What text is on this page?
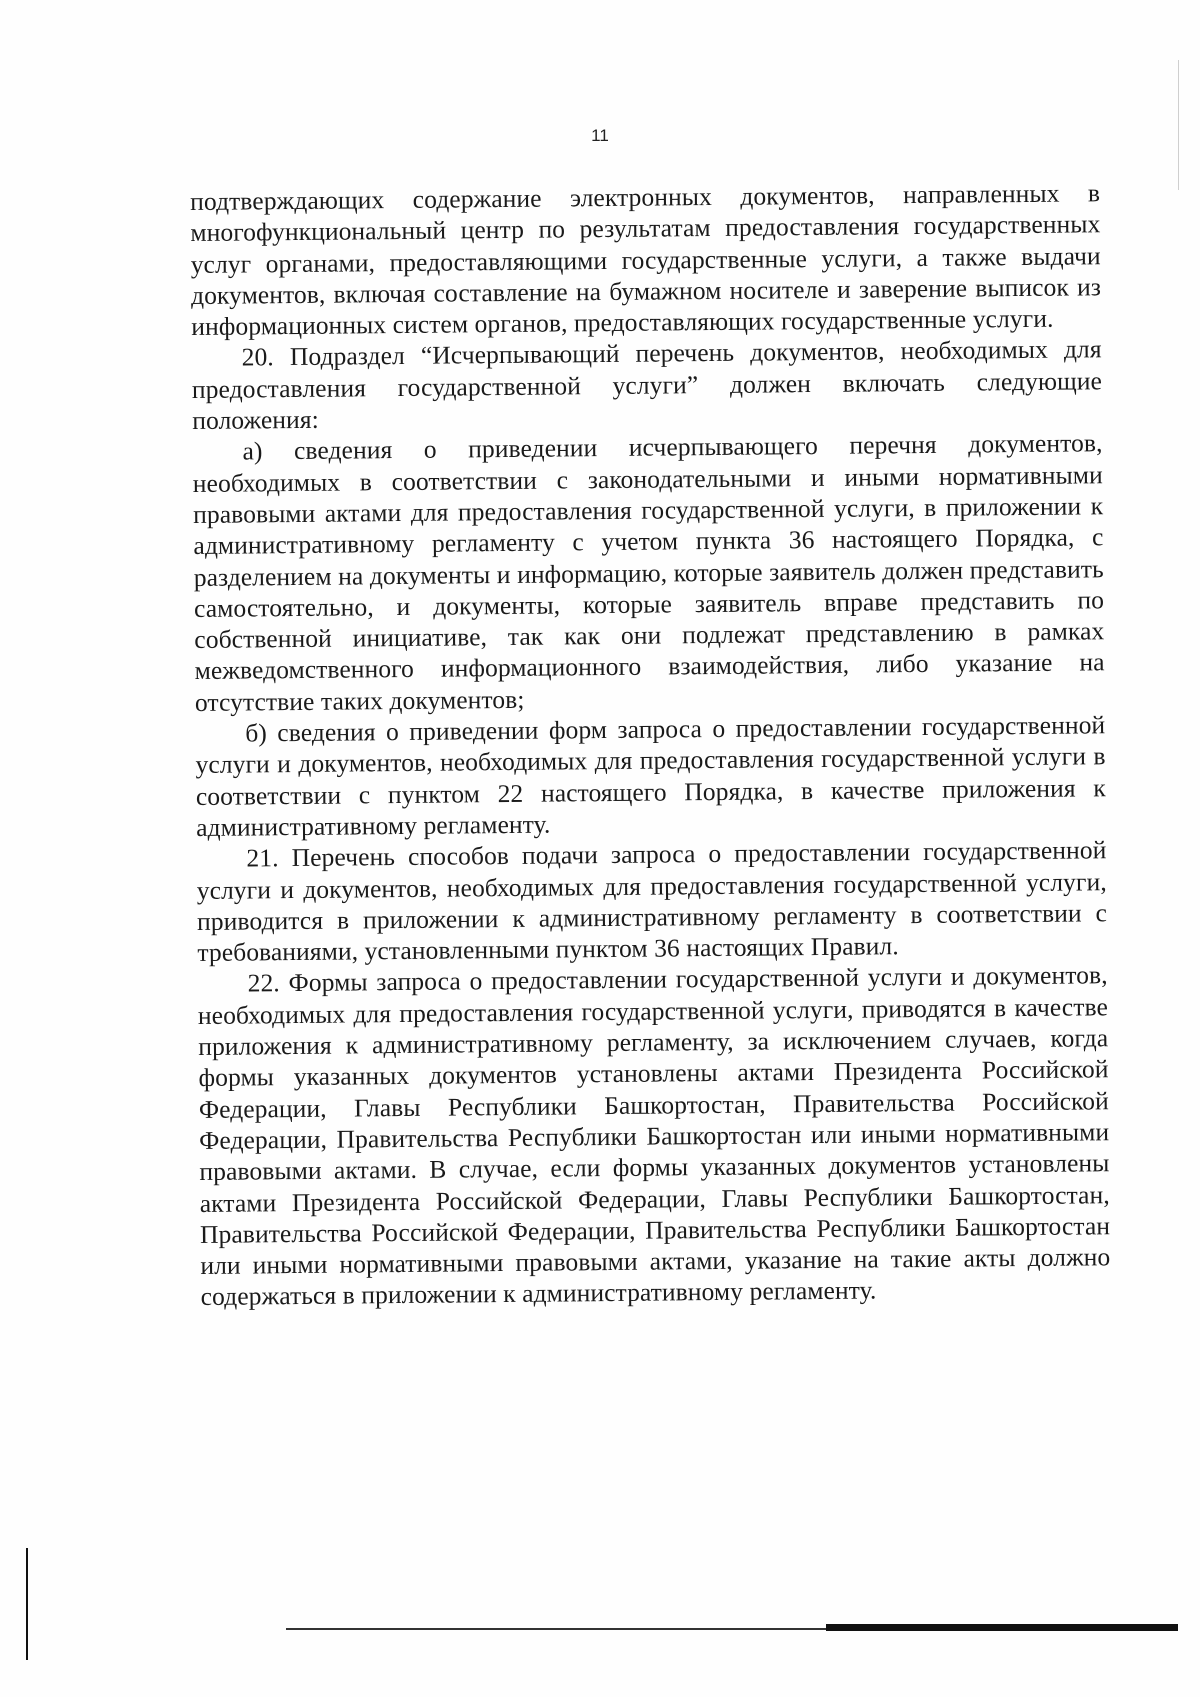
11

подтверждающих содержание электронных документов, направленных в многофункциональный центр по результатам предоставления государственных услуг органами, предоставляющими государственные услуги, а также выдачи документов, включая составление на бумажном носителе и заверение выписок из информационных систем органов, предоставляющих государственные услуги.

20. Подраздел “Исчерпывающий перечень документов, необходимых для предоставления государственной услуги” должен включать следующие положения:

а) сведения о приведении исчерпывающего перечня документов, необходимых в соответствии с законодательными и иными нормативными правовыми актами для предоставления государственной услуги, в приложении к административному регламенту с учетом пункта 36 настоящего Порядка, с разделением на документы и информацию, которые заявитель должен представить самостоятельно, и документы, которые заявитель вправе представить по собственной инициативе, так как они подлежат представлению в рамках межведомственного информационного взаимодействия, либо указание на отсутствие таких документов;

б) сведения о приведении форм запроса о предоставлении государственной услуги и документов, необходимых для предоставления государственной услуги в соответствии с пунктом 22 настоящего Порядка, в качестве приложения к административному регламенту.

21. Перечень способов подачи запроса о предоставлении государственной услуги и документов, необходимых для предоставления государственной услуги, приводится в приложении к административному регламенту в соответствии с требованиями, установленными пунктом 36 настоящих Правил.

22. Формы запроса о предоставлении государственной услуги и документов, необходимых для предоставления государственной услуги, приводятся в качестве приложения к административному регламенту, за исключением случаев, когда формы указанных документов установлены актами Президента Российской Федерации, Главы Республики Башкортостан, Правительства Российской Федерации, Правительства Республики Башкортостан или иными нормативными правовыми актами. В случае, если формы указанных документов установлены актами Президента Российской Федерации, Главы Республики Башкортостан, Правительства Российской Федерации, Правительства Республики Башкортостан или иными нормативными правовыми актами, указание на такие акты должно содержаться в приложении к административному регламенту.
